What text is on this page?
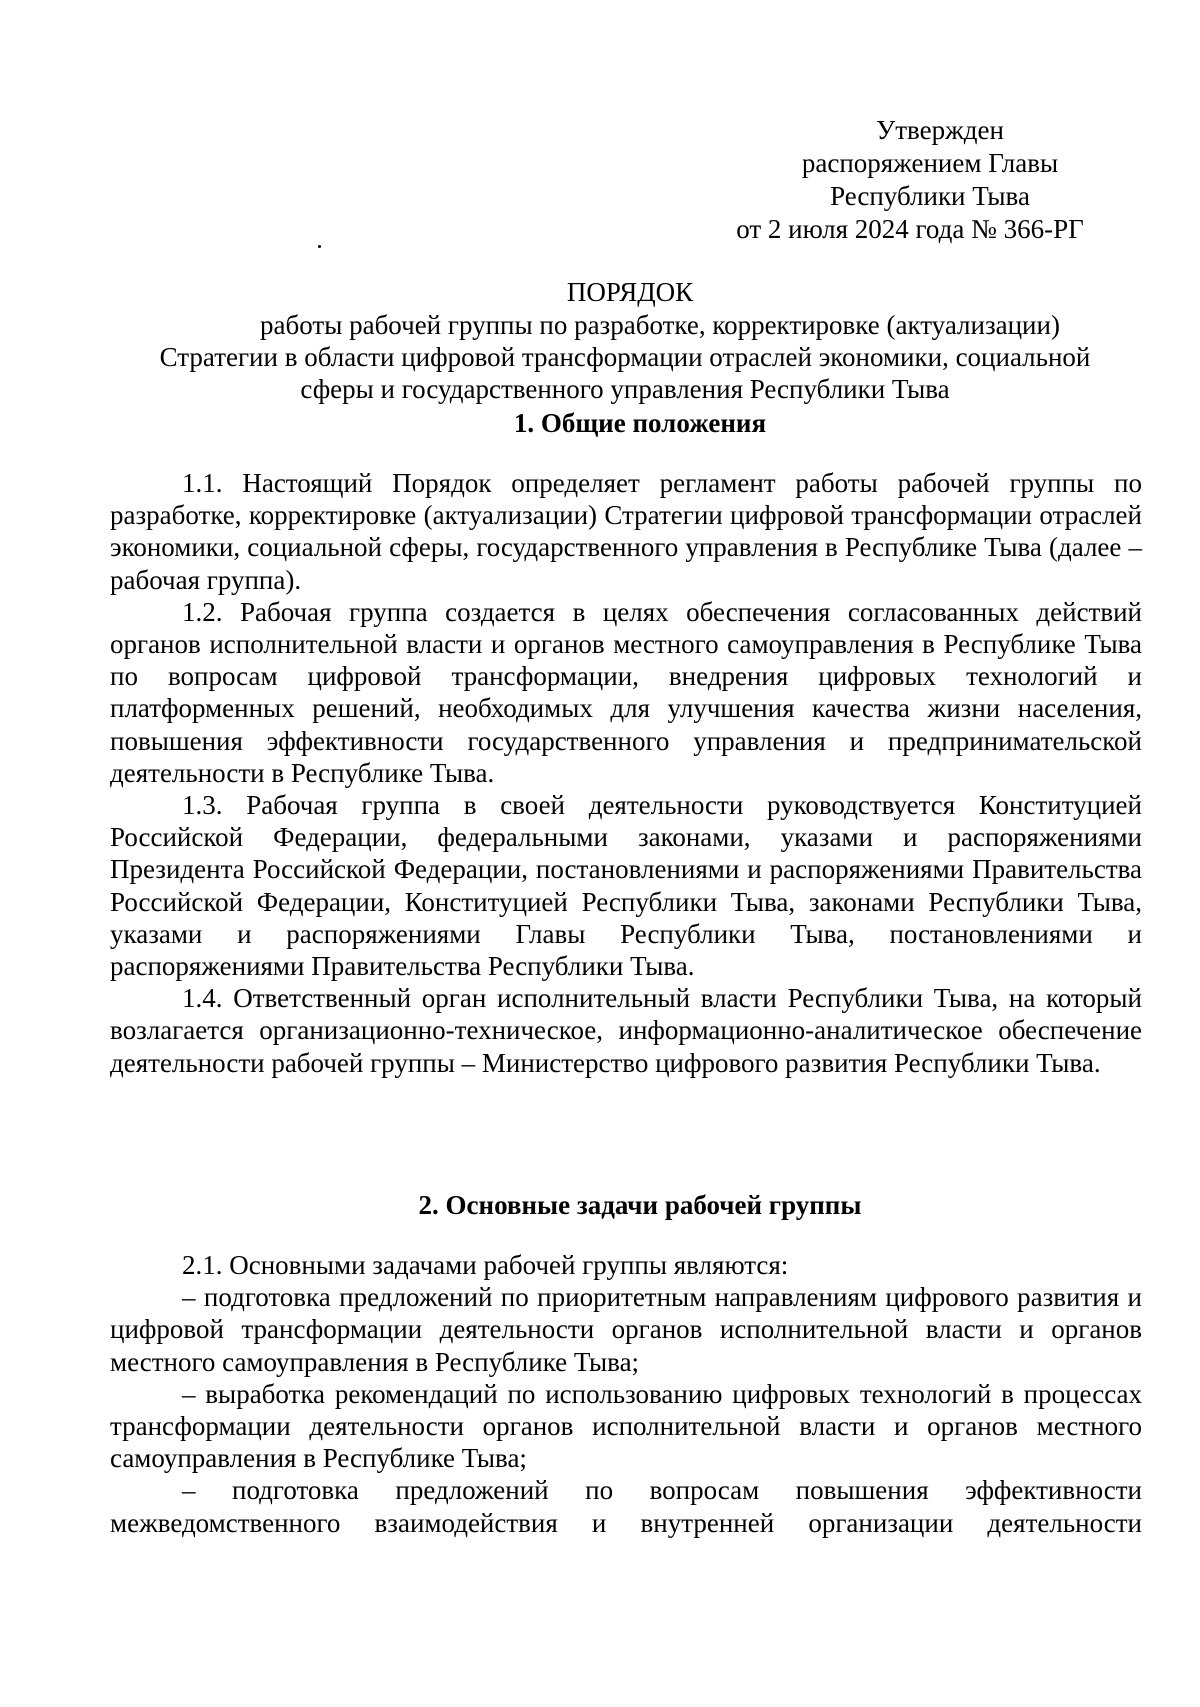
Утвержден
распоряжением Главы
Республики Тыва
от 2 июля 2024 года № 366-РГ
ПОРЯДОК
работы рабочей группы по разработке, корректировке (актуализации)
Стратегии в области цифровой трансформации отраслей экономики, социальной
сферы и государственного управления Республики Тыва
1. Общие положения

1.1. Настоящий Порядок определяет регламент работы рабочей группы по разработке, корректировке (актуализации) Стратегии цифровой трансформации отраслей экономики, социальной сферы, государственного управления в Республике Тыва (далее – рабочая группа).

1.2. Рабочая группа создается в целях обеспечения согласованных действий органов исполнительной власти и органов местного самоуправления в Республике Тыва по вопросам цифровой трансформации, внедрения цифровых технологий и платформенных решений, необходимых для улучшения качества жизни населения, повышения эффективности государственного управления и предпринимательской деятельности в Республике Тыва.

1.3. Рабочая группа в своей деятельности руководствуется Конституцией Российской Федерации, федеральными законами, указами и распоряжениями Президента Российской Федерации, постановлениями и распоряжениями Правительства Российской Федерации, Конституцией Республики Тыва, законами Республики Тыва, указами и распоряжениями Главы Республики Тыва, постановлениями и распоряжениями Правительства Республики Тыва.

1.4. Ответственный орган исполнительный власти Республики Тыва, на который возлагается организационно-техническое, информационно-аналитическое обеспечение деятельности рабочей группы – Министерство цифрового развития Республики Тыва.

2. Основные задачи рабочей группы

2.1. Основными задачами рабочей группы являются:

– подготовка предложений по приоритетным направлениям цифрового развития и цифровой трансформации деятельности органов исполнительной власти и органов местного самоуправления в Республике Тыва;

– выработка рекомендаций по использованию цифровых технологий в процессах трансформации деятельности органов исполнительной власти и органов местного самоуправления в Республике Тыва;

– подготовка предложений по вопросам повышения эффективности межведомственного взаимодействия и внутренней организации деятельности
